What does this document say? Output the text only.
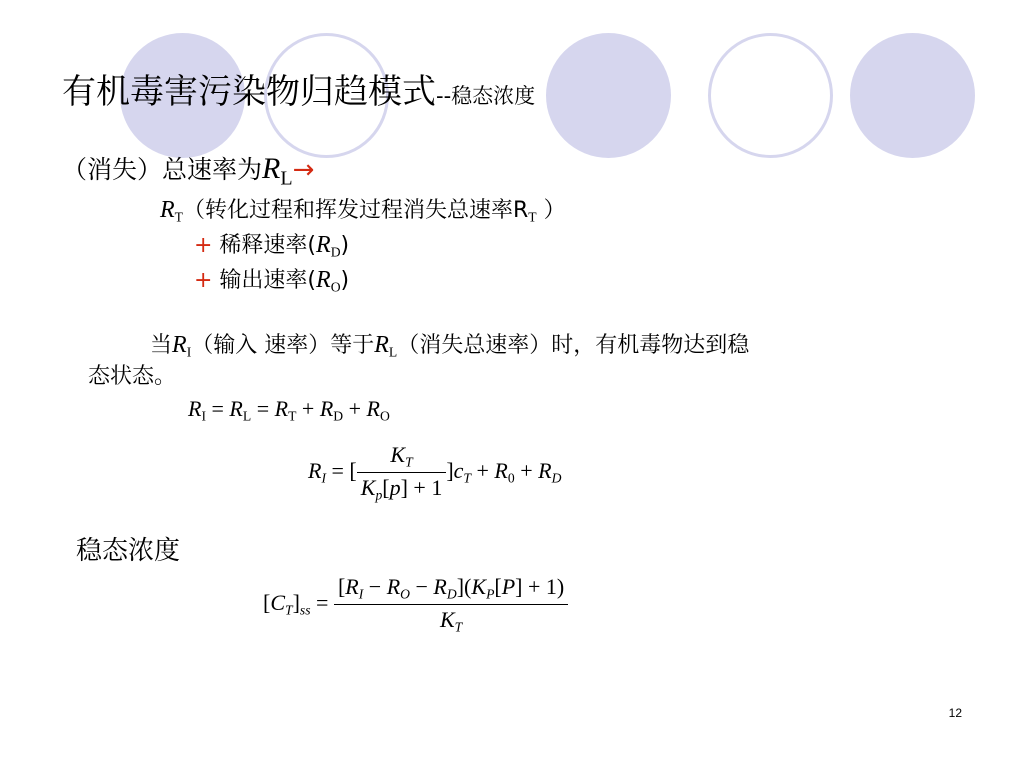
有机毒害污染物归趋模式--稳态浓度
（消失）总速率为$R_L\to$
$R_T$（转化过程和挥发过程消失总速率$R_T$ ）
+ 稀释速率$(R_D)$
+ 输出速率$(R_O)$
当$R_I$（输入 速率）等于$R_L$（消失总速率）时，有机毒物达到稳
态状态。
$R_I = R_L = R_T + R_D + R_O$
$R_I$ = [ $\frac{K_T}{K_p[p] + 1} ]c_T + R_0 + R_D$
稳态浓度
$[C_T]_{ss} = \frac{[R_I - R_O - R_D](K_P[P] + 1)}{K_T}$
12
